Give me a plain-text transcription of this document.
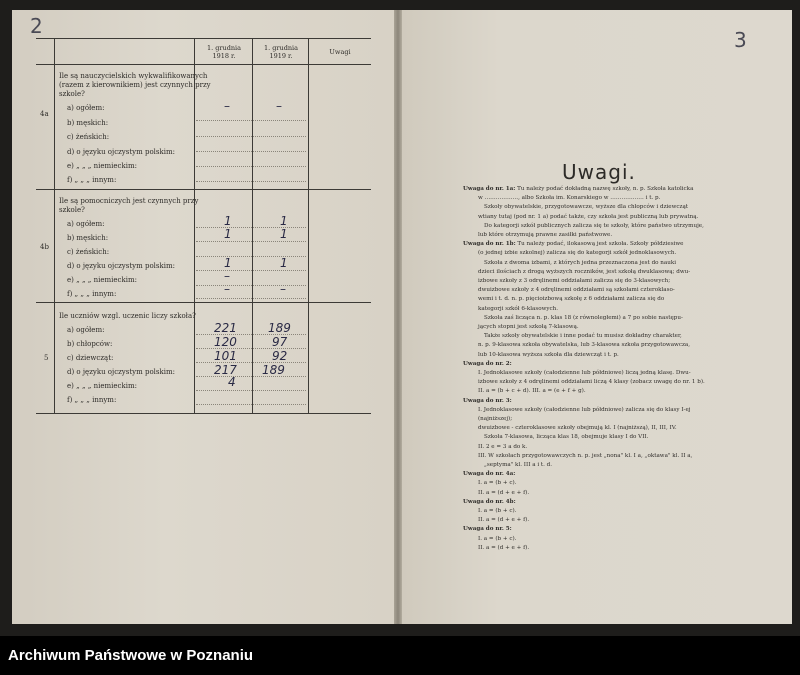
2
3
1. grudnia 1918 r.
1. grudnia 1919 r.	Uwagi
4a
Ile są nauczycielskich wykwalifikowanych
(razem z kierownikiem) jest czynnych przy
szkole?
a) ogółem:
b) męskich:
c) żeńskich:
d) o języku ojczystym polskim:
e) „ „ „ niemieckim:
f) „ „ „ innym:
–	–
4b
Ile są pomocniczych jest czynnych przy
szkole?
a) ogółem:
b) męskich:
c) żeńskich:
d) o języku ojczystym polskim:
e) „ „ „ niemieckim:
f) „ „ „ innym:
1
1
1
–
–
1
1
1
–
5
Ile uczniów wzgl. uczenic liczy szkoła?
a) ogółem:
b) chłopców:
c) dziewcząt:
d) o języku ojczystym polskim:
e) „ „ „ niemieckim:
f) „ „ „ innym:
221
120
101
217
4
189
97
92
189
Uwagi.
Uwaga do nr. 1a: Tu należy podać dokładną nazwę szkoły, n. p. Szkoła katolicka
w ………………, albo Szkoła im. Konarskiego w ……………… i t. p.
Szkoły obywatelskie, przygotowawcze, wyższe dla chłopców i dziewcząt
wtiany tutaj (pod nr. 1 a) podać także, czy szkoła jest publiczną lub prywatną.
Do kategorji szkół publicznych zalicza się te szkoły, które państwo utrzymuje,
lub które otrzymują prawne zasiłki państwowe.
Uwaga do nr. 1b: Tu należy podać, ilokasową jest szkoła. Szkoły półdziesiwe
(o jednej izbie szkolnej) zalicza się do kategorji szkół jednoklasowych.
Szkoła z dwoma izbami, z których jedna przeznaczona jest do nauki
dzieci ilościach z drogą wyższych roczników, jest szkołą dwuklasową; dwu-
izbowe szkoły z 3 odręlinemi oddziałami zalicza się do 3-klasowych;
dwuizbowe szkoły z 4 odręlinemi oddziałami są szkołami czteroklaso-
wemi i t. d. n. p. pięcioizbową szkołę z 6 oddziałami zalicza się do
kategorji szkół 6-klasowych.
Szkoła zaś licząca n. p. klas 18 (z równoległemi) a 7 po sobie następu-
jących stopni jest szkołą 7-klasową.
Także szkoły obywatelskie i inne podać tu musisz dokładny charakter,
n. p. 9-klasowa szkoła obywatelska, lub 3-klasowa szkoła przygotowawcza,
lub 10-klasowa wyższa szkoła dla dziewcząt i t. p.
Uwaga do nr. 2:
I. Jednoklasowe szkoły (całodzienne lub półdniowe) liczą jedną klasę. Dwu-
izbowe szkoły z 4 odręlinemi oddziałami liczą 4 klasy (zobacz uwagę do nr. 1 b).
II. a = (b + c + d). III. a = (e + f + g).
Uwaga do nr. 3:
I. Jednoklasowe szkoły (całodzienne lub półdniowe) zalicza się do klasy I-ej
(najniższej);
dwuizbowe - czteroklasowe szkoły obejmują kl. I (najniższą), II, III, IV.
Szkoła 7-klasowa, licząca klas 18, obejmuje klasy I do VII.
II. 2 e = 3 a do k.
III. W szkołach przygotowawczych n. p. jest „nona" kl. I a, „oktawa" kl. II a,
„septyma" kl. III a i t. d.
Uwaga do nr. 4a:
I. a = (b + c).
II. a = (d + e + f).
Uwaga do nr. 4b:
I. a = (b + c).
II. a = (d + e + f).
Uwaga do nr. 5:
I. a = (b + c).
II. a = (d + e + f).
Archiwum Państwowe w Poznaniu
